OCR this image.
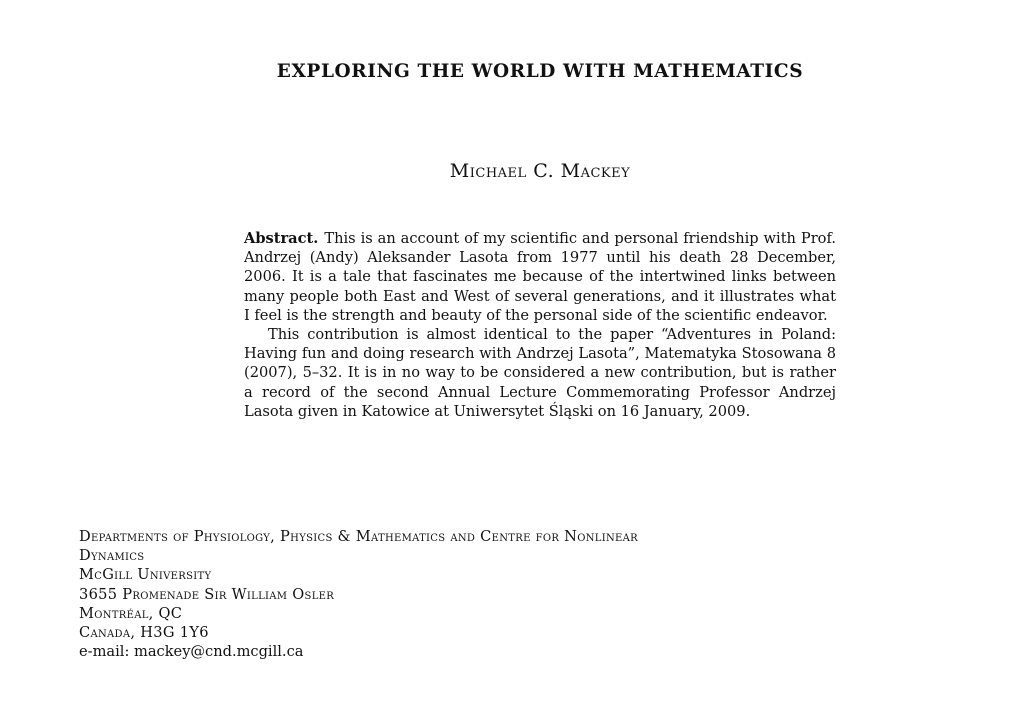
EXPLORING THE WORLD WITH MATHEMATICS
Michael C. Mackey

Abstract. This is an account of my scientific and personal friendship with Prof. Andrzej (Andy) Aleksander Lasota from 1977 until his death 28 December, 2006. It is a tale that fascinates me because of the intertwined links between many people both East and West of several generations, and it illustrates what I feel is the strength and beauty of the personal side of the scientific endeavor.

This contribution is almost identical to the paper “Adventures in Poland: Having fun and doing research with Andrzej Lasota”, Matematyka Stosowana 8 (2007), 5–32. It is in no way to be considered a new contribution, but is rather a record of the second Annual Lecture Commemorating Professor Andrzej Lasota given in Katowice at Uniwersytet Śląski on 16 January, 2009.

Departments of Physiology, Physics & Mathematics and Centre for Nonlinear
Dynamics
McGill University
3655 Promenade Sir William Osler
Montréal, QC
Canada, H3G 1Y6
e-mail: mackey@cnd.mcgill.ca
